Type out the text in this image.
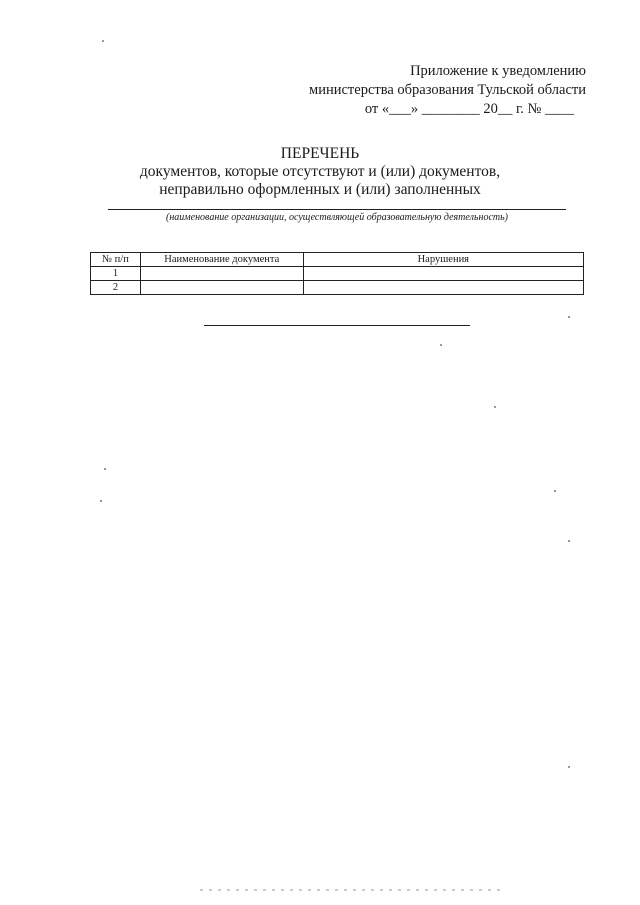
Приложение к уведомлению
министерства образования Тульской области
от «___» ________ 20__ г. № ____
ПЕРЕЧЕНЬ
документов, которые отсутствуют и (или) документов,
неправильно оформленных и (или) заполненных
(наименование организации, осуществляющей образовательную деятельность)
№ п/п	Наименование документа	Нарушения
1		
2		
